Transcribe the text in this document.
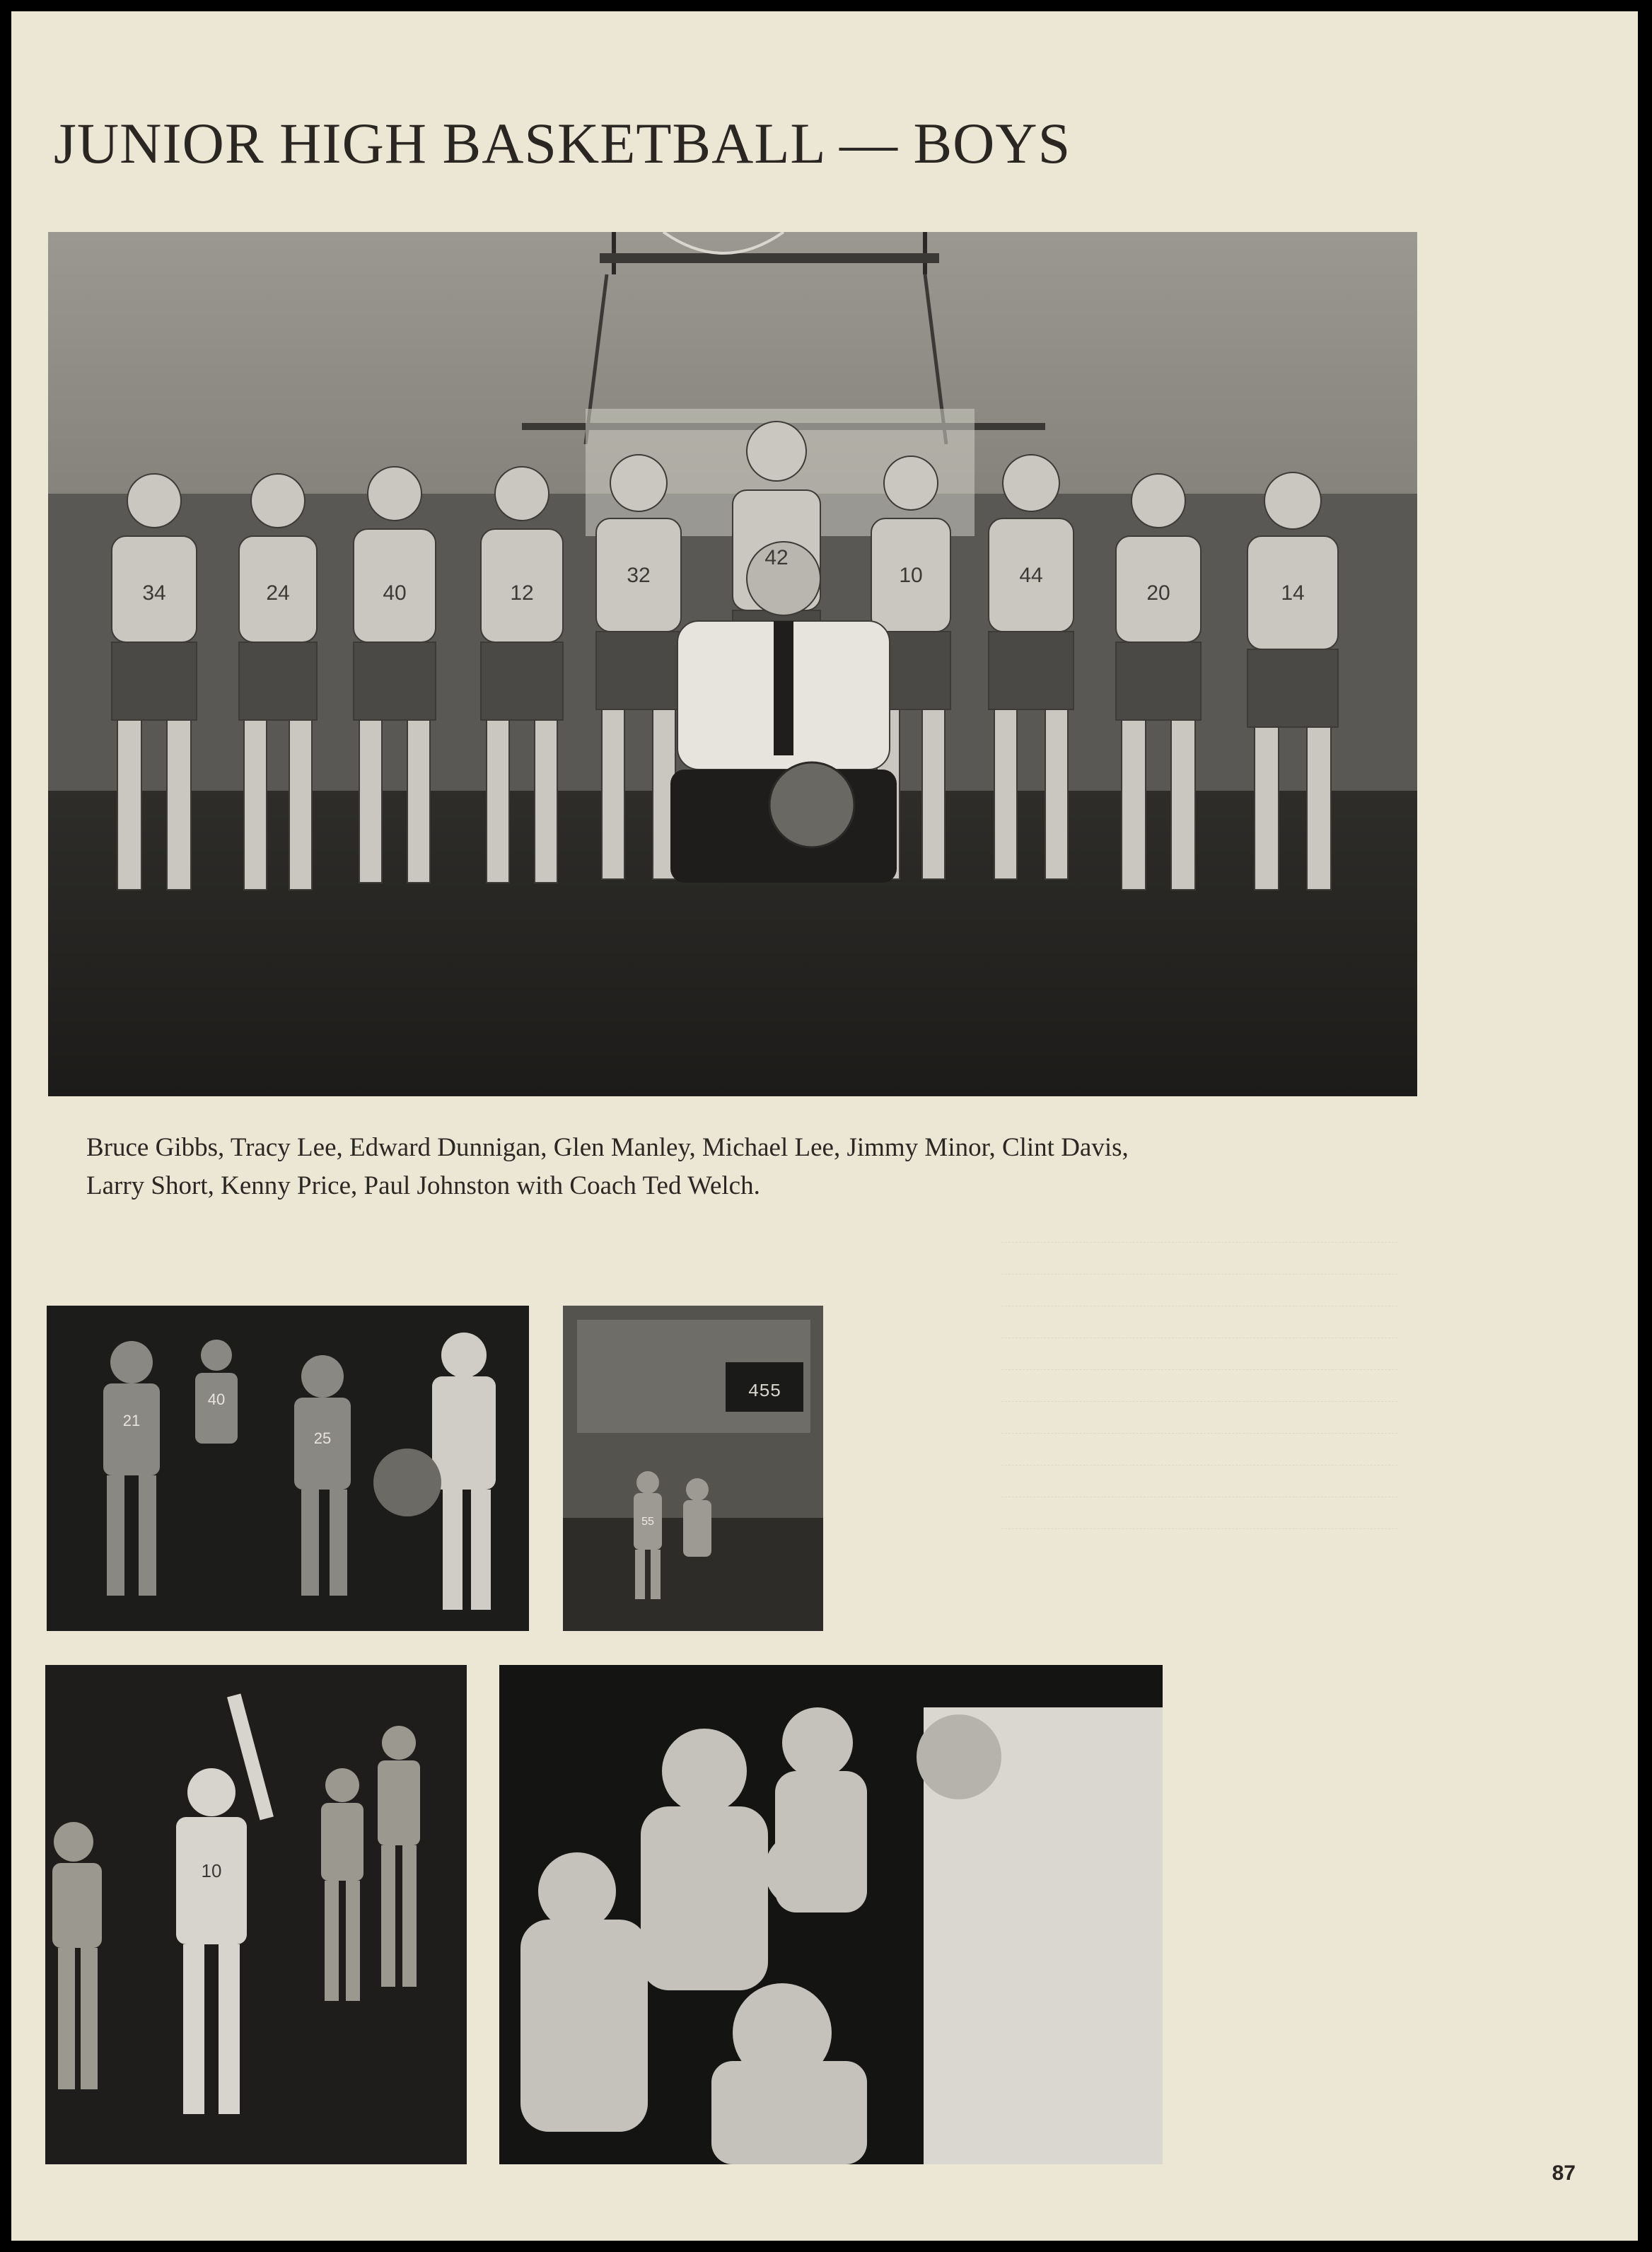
JUNIOR HIGH BASKETBALL — BOYS
34	24	40	12
32
42
10	44
20	14
Bruce Gibbs, Tracy Lee, Edward Dunnigan, Glen Manley, Michael Lee, Jimmy Minor, Clint Davis,
Larry Short, Kenny Price, Paul Johnston with Coach Ted Welch.
21
40
25
455
55
10
87
